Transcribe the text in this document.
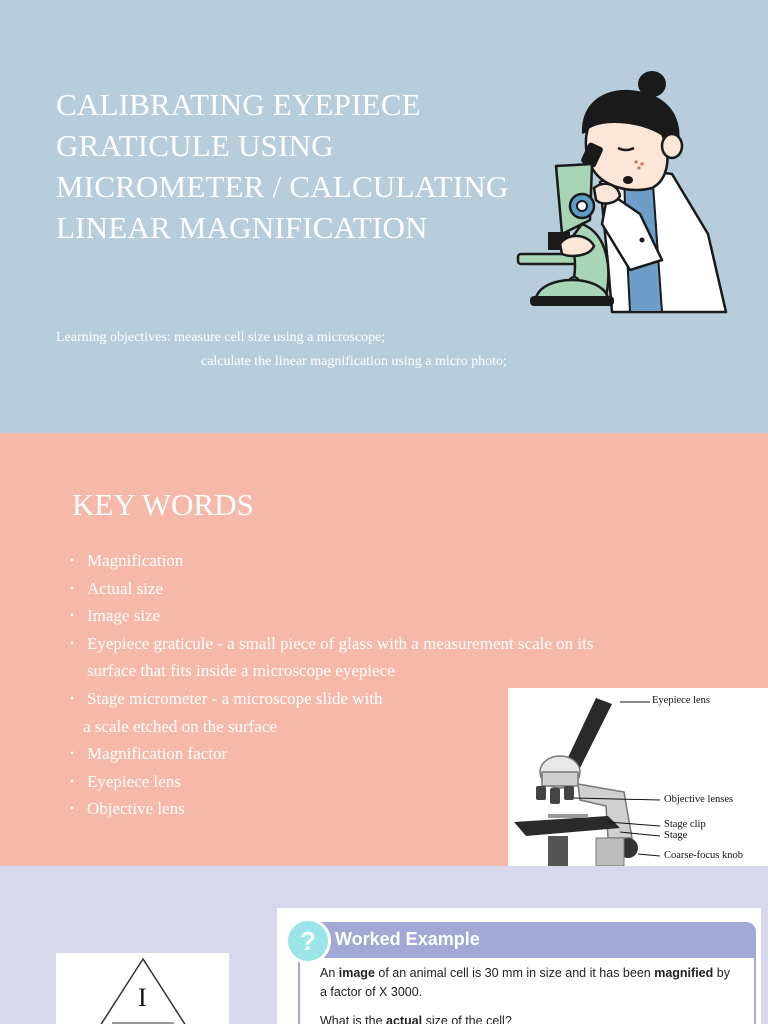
CALIBRATING EYEPIECE
GRATICULE USING
MICROMETER / CALCULATING
LINEAR MAGNIFICATION
Learning objectives: measure cell size using a microscope;
calculate the linear magnification using a micro photo;
KEY WORDS
• Magnification
• Actual size
• Image size
• Eyepiece graticule - a small piece of glass with a measurement scale on its
surface that fits inside a microscope eyepiece
• Stage micrometer - a microscope slide with
a scale etched on the surface
• Magnification factor
• Eyepiece lens
• Objective lens
Eyepiece lens
Objective lenses
Stage clip
Stage
Coarse-focus knob
I
?	Worked Example
An image of an animal cell is 30 mm in size and it has been magnified by a factor of X 3000.
What is the actual size of the cell?
